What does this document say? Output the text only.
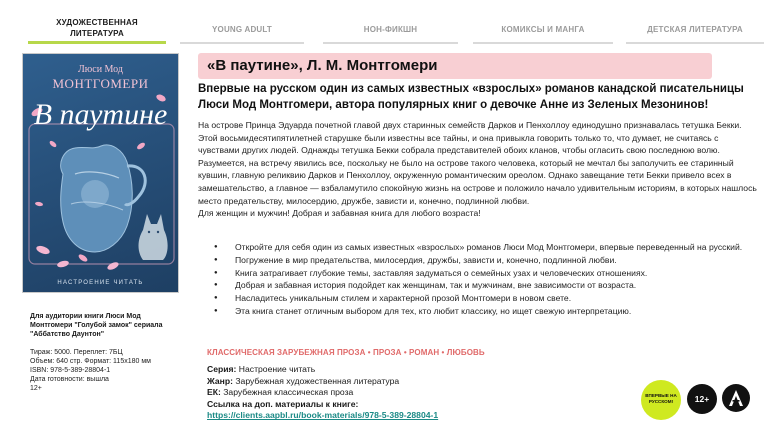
ХУДОЖЕСТВЕННАЯ ЛИТЕРАТУРА	YOUNG ADULT	НОН-ФИКШН	КОМИКСЫ И МАНГА	ДЕТСКАЯ ЛИТЕРАТУРА
Люси Мод
МОНТГОМЕРИ
В паутине
НАСТРОЕНИЕ ЧИТАТЬ
Для аудитории книги Люси Мод Монтгомери "Голубой замок" сериала "Аббатство Даунтон"
Тираж: 5000. Переплет: 7БЦ
Объем: 640 стр. Формат: 115х180 мм
ISBN: 978-5-389-28804-1
Дата готовности: вышла
12+
«В паутине», Л. М. Монтгомери
Впервые на русском один из самых известных «взрослых» романов канадской писательницы Люси Мод Монтгомери, автора популярных книг о девочке Анне из Зеленых Мезонинов!

На острове Принца Эдуарда почетной главой двух старинных семейств Дарков и Пенхоллоу единодушно признавалась тетушка Бекки. Этой восьмидесятипятилетней старушке были известны все тайны, и она привыкла говорить только то, что думает, не считаясь с чувствами других людей. Однажды тетушка Бекки собрала представителей обоих кланов, чтобы огласить свою последнюю волю. Разумеется, на встречу явились все, поскольку не было на острове такого человека, который не мечтал бы заполучить ее старинный кувшин, главную реликвию Дарков и Пенхоллоу, окруженную романтическим ореолом. Однако завещание тети Бекки привело всех в замешательство, а главное — взбаламутило спокойную жизнь на острове и положило начало удивительным историям, в которых нашлось место предательству, милосердию, дружбе, зависти и, конечно, подлинной любви.

Для женщин и мужчин! Добрая и забавная книга для любого возраста!

● Откройте для себя один из самых известных «взрослых» романов Люси Мод Монтгомери, впервые переведенный на русский.
● Погружение в мир предательства, милосердия, дружбы, зависти и, конечно, подлинной любви.
● Книга затрагивает глубокие темы, заставляя задуматься о семейных узах и человеческих отношениях.
● Добрая и забавная история подойдет как женщинам, так и мужчинам, вне зависимости от возраста.
● Насладитесь уникальным стилем и характерной прозой Монтгомери в новом свете.
● Эта книга станет отличным выбором для тех, кто любит классику, но ищет свежую интерпретацию.
КЛАССИЧЕСКАЯ ЗАРУБЕЖНАЯ ПРОЗА • ПРОЗА • РОМАН • ЛЮБОВЬ
Серия: Настроение читать
Жанр: Зарубежная художественная литература
ЕК: Зарубежная классическая проза
Ссылка на доп. материалы к книге:
https://clients.aapbl.ru/book-materials/978-5-389-28804-1
ВПЕРВЫЕ НА РУССКОМ!	12+
